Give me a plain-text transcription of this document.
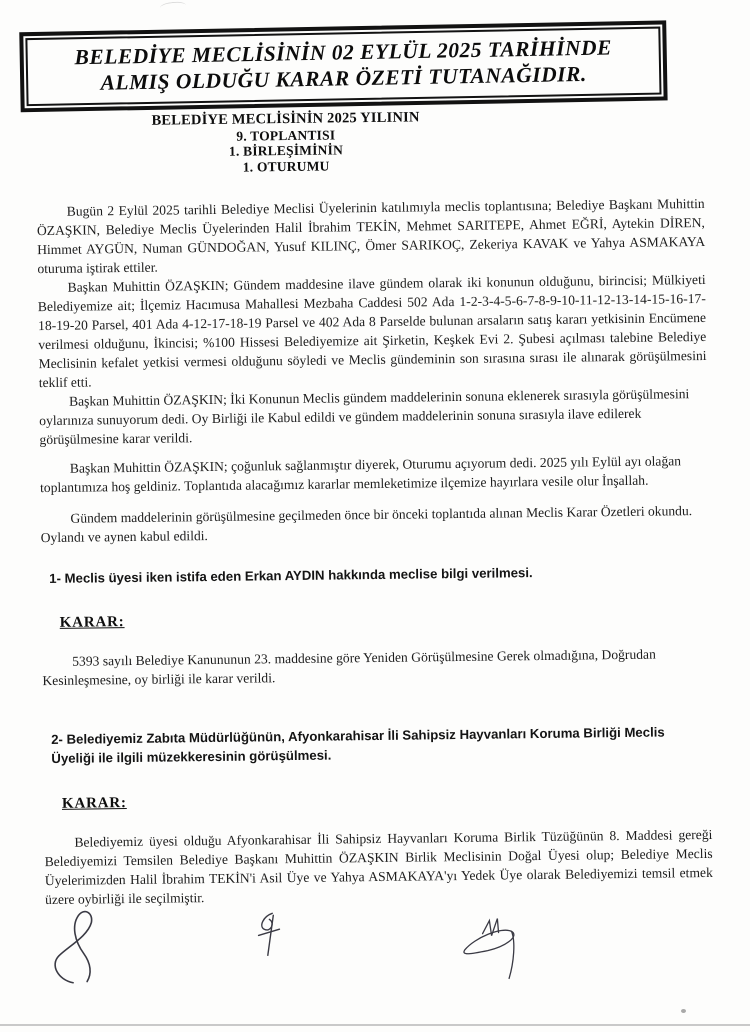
BELEDİYE MECLİSİNİN 02 EYLÜL 2025 TARİHİNDE
ALMIŞ OLDUĞU KARAR ÖZETİ TUTANAĞIDIR.
BELEDİYE MECLİSİNİN 2025 YILININ
9. TOPLANTISI
1. BİRLEŞİMİNİN
1. OTURUMU

Bugün 2 Eylül 2025 tarihli Belediye Meclisi Üyelerinin katılımıyla meclis toplantısına; Belediye Başkanı Muhittin ÖZAŞKIN, Belediye Meclis Üyelerinden Halil İbrahim TEKİN, Mehmet SARITEPE, Ahmet EĞRİ, Aytekin DİREN, Himmet AYGÜN, Numan GÜNDOĞAN, Yusuf KILINÇ, Ömer SARIKOÇ, Zekeriya KAVAK ve Yahya ASMAKAYA oturuma iştirak ettiler.

Başkan Muhittin ÖZAŞKIN; Gündem maddesine ilave gündem olarak iki konunun olduğunu, birincisi; Mülkiyeti Belediyemize ait; İlçemiz Hacımusa Mahallesi Mezbaha Caddesi 502 Ada 1-2-3-4-5-6-7-8-9-10-11-12-13-14-15-16-17-18-19-20 Parsel, 401 Ada 4-12-17-18-19 Parsel ve 402 Ada 8 Parselde bulunan arsaların satış kararı yetkisinin Encümene verilmesi olduğunu, İkincisi; %100 Hissesi Belediyemize ait Şirketin, Keşkek Evi 2. Şubesi açılması talebine Belediye Meclisinin kefalet yetkisi vermesi olduğunu söyledi ve Meclis gündeminin son sırasına sırası ile alınarak görüşülmesini teklif etti.

Başkan Muhittin ÖZAŞKIN; İki Konunun Meclis gündem maddelerinin sonuna eklenerek sırasıyla görüşülmesini oylarınıza sunuyorum dedi. Oy Birliği ile Kabul edildi ve gündem maddelerinin sonuna sırasıyla ilave edilerek görüşülmesine karar verildi.

Başkan Muhittin ÖZAŞKIN; çoğunluk sağlanmıştır diyerek, Oturumu açıyorum dedi. 2025 yılı Eylül ayı olağan toplantımıza hoş geldiniz. Toplantıda alacağımız kararlar memleketimize ilçemize hayırlara vesile olur İnşallah.

Gündem maddelerinin görüşülmesine geçilmeden önce bir önceki toplantıda alınan Meclis Karar Özetleri okundu. Oylandı ve aynen kabul edildi.

1- Meclis üyesi iken istifa eden Erkan AYDIN hakkında meclise bilgi verilmesi.

KARAR:

5393 sayılı Belediye Kanununun 23. maddesine göre Yeniden Görüşülmesine Gerek olmadığına, Doğrudan Kesinleşmesine, oy birliği ile karar verildi.

2- Belediyemiz Zabıta Müdürlüğünün, Afyonkarahisar İli Sahipsiz Hayvanları Koruma Birliği Meclis Üyeliği ile ilgili müzekkeresinin görüşülmesi.

KARAR:

Belediyemiz üyesi olduğu Afyonkarahisar İli Sahipsiz Hayvanları Koruma Birlik Tüzüğünün 8. Maddesi gereği Belediyemizi Temsilen Belediye Başkanı Muhittin ÖZAŞKIN Birlik Meclisinin Doğal Üyesi olup; Belediye Meclis Üyelerimizden Halil İbrahim TEKİN'i Asil Üye ve Yahya ASMAKAYA'yı Yedek Üye olarak Belediyemizi temsil etmek üzere oybirliği ile seçilmiştir.
